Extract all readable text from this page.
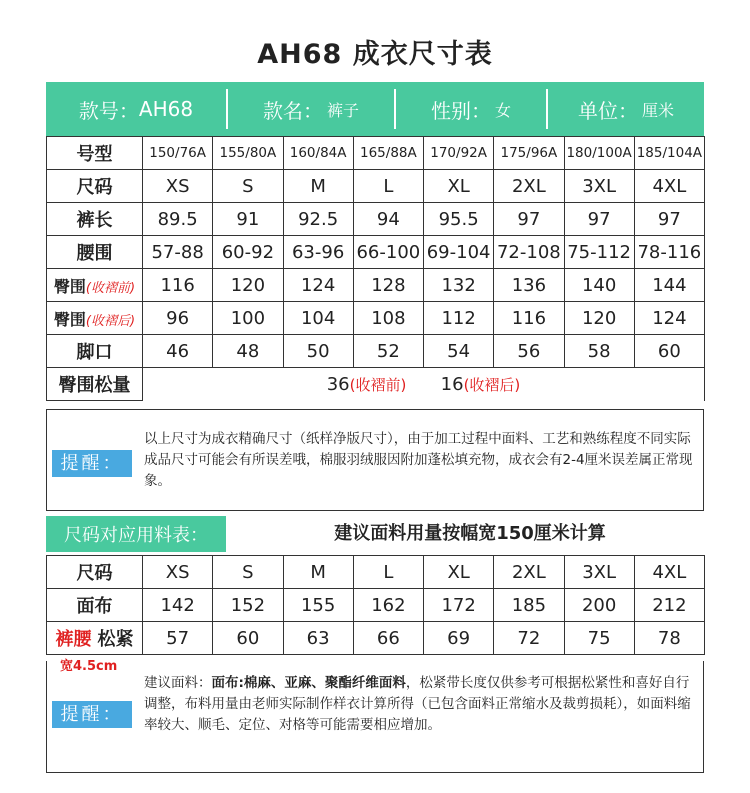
AH68 成衣尺寸表
款号： AH68	款名： 裤子	性别： 女	单位： 厘米
号型	150/76A	155/80A	160/84A	165/88A	170/92A	175/96A	180/100A	185/104A
尺码	XS	S	M	L	XL	2XL	3XL	4XL
裤长	89.5	91	92.5	94	95.5	97	97	97
腰围	57-88	60-92	63-96	66-100	69-104	72-108	75-112	78-116
臀围(收褶前)	116	120	124	128	132	136	140	144
臀围(收褶后)	96	100	104	108	112	116	120	124
脚口	46	48	50	52	54	56	58	60
臀围松量	36(收褶前) 16(收褶后)							
提醒：
以上尺寸为成衣精确尺寸（纸样净版尺寸），由于加工过程中面料、工艺和熟练程度不同实际成品尺寸可能会有所误差哦，棉服羽绒服因附加蓬松填充物，成衣会有2-4厘米误差属正常现象。
尺码对应用料表：	建议面料用量按幅宽150厘米计算
尺码	XS	S	M	L	XL	2XL	3XL	4XL
面布	142	152	155	162	172	185	200	212
裤腰 松紧	57	60	63	66	69	72	75	78
宽4.5cm
提醒：
建议面料：面布:棉麻、亚麻、聚酯纤维面料，松紧带长度仅供参考可根据松紧性和喜好自行调整，布料用量由老师实际制作样衣计算所得（已包含面料正常缩水及裁剪损耗），如面料缩率较大、顺毛、定位、对格等可能需要相应增加。
